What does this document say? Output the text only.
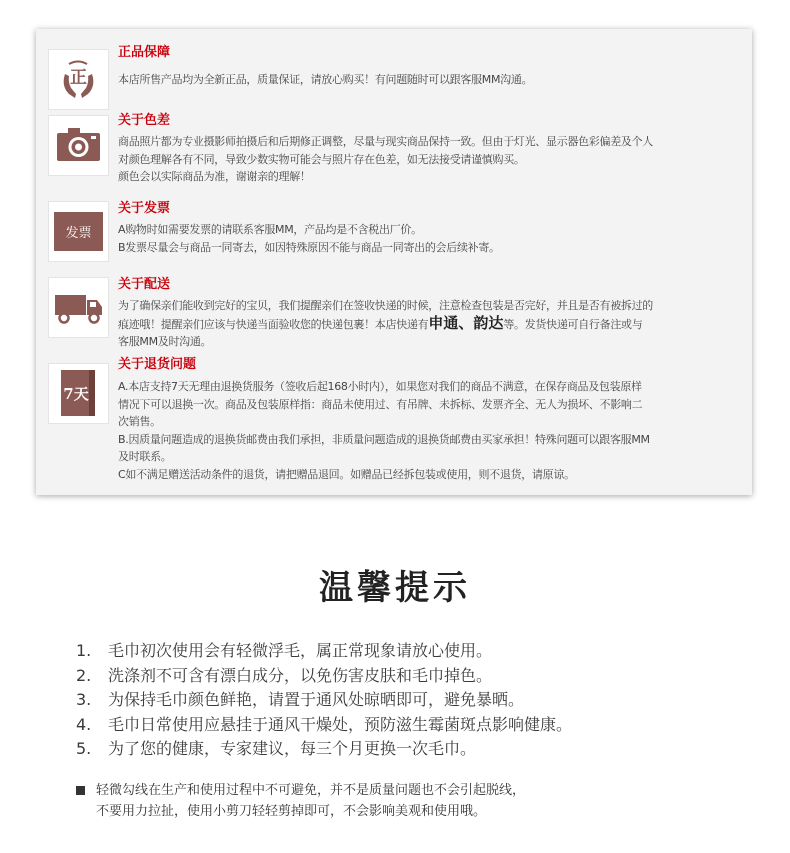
正
正品保障

本店所售产品均为全新正品，质量保证，请放心购买！有问题随时可以跟客服MM沟通。

关于色差

商品照片都为专业摄影师拍摄后和后期修正调整，尽量与现实商品保持一致。但由于灯光、显示器色彩偏差及个人

对颜色理解各有不同，导致少数实物可能会与照片存在色差，如无法接受请谨慎购买。

颜色会以实际商品为准，谢谢亲的理解！

发票
关于发票

A购物时如需要发票的请联系客服MM，产品均是不含税出厂价。

B发票尽量会与商品一同寄去，如因特殊原因不能与商品一同寄出的会后续补寄。

关于配送

为了确保亲们能收到完好的宝贝，我们提醒亲们在签收快递的时候，注意检查包装是否完好，并且是否有被拆过的

痕迹哦！提醒亲们应该与快递当面验收您的快递包裹！本店快递有申通、韵达等。发货快递可自行备注或与

客服MM及时沟通。

7天
关于退货问题

A.本店支持7天无理由退换货服务（签收后起168小时内），如果您对我们的商品不满意，在保存商品及包装原样

情况下可以退换一次。商品及包装原样指：商品未使用过、有吊牌、未拆标、发票齐全、无人为损坏、不影响二

次销售。

B.因质量问题造成的退换货邮费由我们承担，非质量问题造成的退换货邮费由买家承担！特殊问题可以跟客服MM

及时联系。

C如不满足赠送活动条件的退货，请把赠品退回。如赠品已经拆包装或使用，则不退货，请原谅。

温馨提示
1. 毛巾初次使用会有轻微浮毛，属正常现象请放心使用。
2. 洗涤剂不可含有漂白成分，以免伤害皮肤和毛巾掉色。
3. 为保持毛巾颜色鲜艳，请置于通风处晾晒即可，避免暴晒。
4. 毛巾日常使用应悬挂于通风干燥处，预防滋生霉菌斑点影响健康。
5. 为了您的健康，专家建议，每三个月更换一次毛巾。
轻微勾线在生产和使用过程中不可避免，并不是质量问题也不会引起脱线，
不要用力拉扯，使用小剪刀轻轻剪掉即可，不会影响美观和使用哦。
